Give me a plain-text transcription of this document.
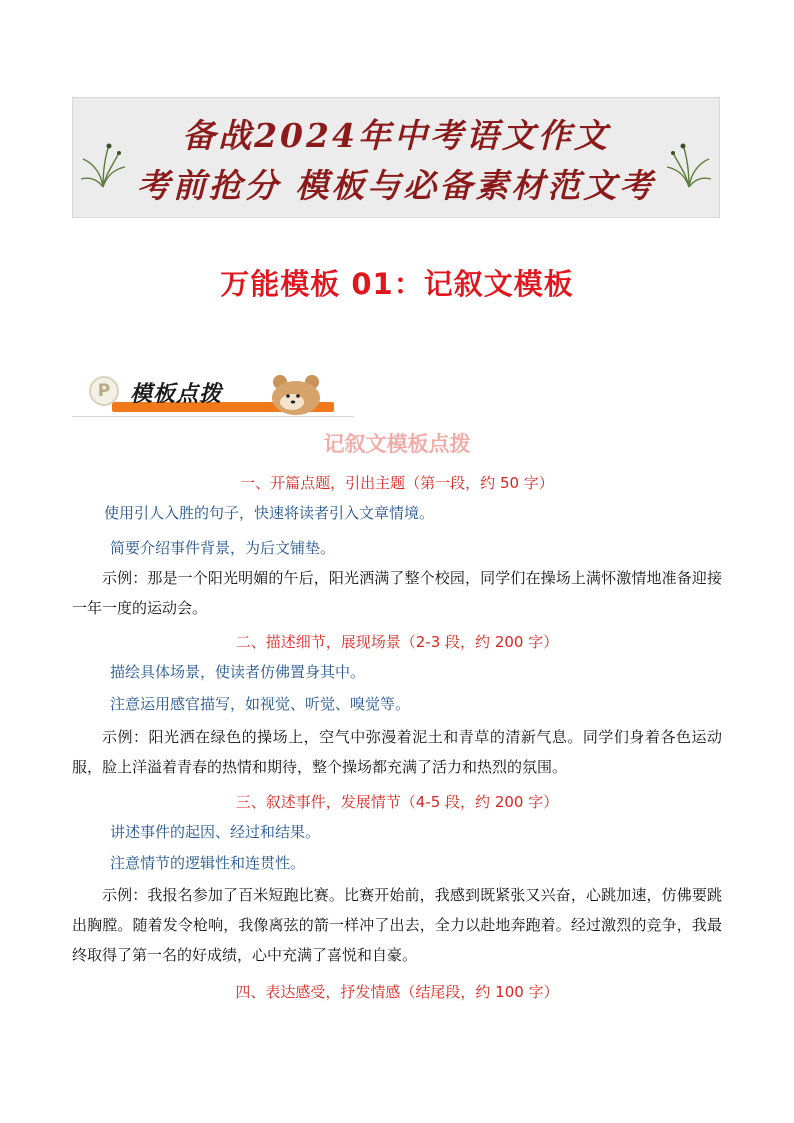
备战2024年中考语文作文
考前抢分 模板与必备素材范文考
万能模板 01：记叙文模板
P 模板点拨
记叙文模板点拨
一、开篇点题，引出主题（第一段，约 50 字）
使用引人入胜的句子，快速将读者引入文章情境。
简要介绍事件背景，为后文铺垫。
示例：那是一个阳光明媚的午后，阳光洒满了整个校园，同学们在操场上满怀激情地准备迎接一年一度的运动会。
二、描述细节，展现场景（2-3 段，约 200 字）
描绘具体场景，使读者仿佛置身其中。
注意运用感官描写，如视觉、听觉、嗅觉等。
示例：阳光洒在绿色的操场上，空气中弥漫着泥土和青草的清新气息。同学们身着各色运动服，脸上洋溢着青春的热情和期待，整个操场都充满了活力和热烈的氛围。
三、叙述事件，发展情节（4-5 段，约 200 字）
讲述事件的起因、经过和结果。
注意情节的逻辑性和连贯性。
示例：我报名参加了百米短跑比赛。比赛开始前，我感到既紧张又兴奋，心跳加速，仿佛要跳出胸膛。随着发令枪响，我像离弦的箭一样冲了出去，全力以赴地奔跑着。经过激烈的竞争，我最终取得了第一名的好成绩，心中充满了喜悦和自豪。
四、表达感受，抒发情感（结尾段，约 100 字）
